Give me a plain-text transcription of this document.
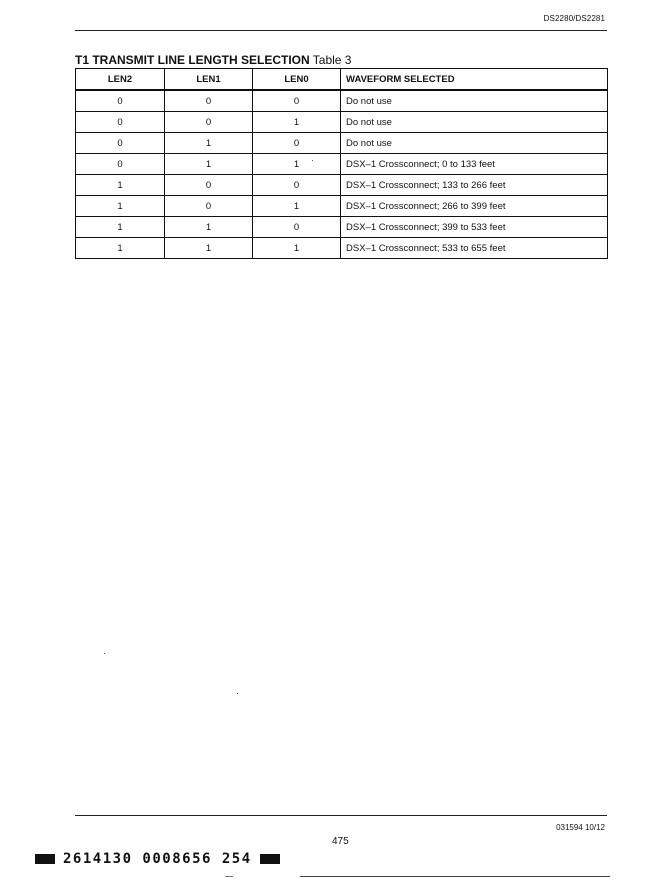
DS2280/DS2281
T1 TRANSMIT LINE LENGTH SELECTION Table 3
LEN2	LEN1	LEN0	WAVEFORM SELECTED
0	0	0	Do not use
0	0	1	Do not use
0	1	0	Do not use
0	1	1	DSX–1 Crossconnect; 0 to 133 feet
1	0	0	DSX–1 Crossconnect; 133 to 266 feet
1	0	1	DSX–1 Crossconnect; 266 to 399 feet
1	1	0	DSX–1 Crossconnect; 399 to 533 feet
1	1	1	DSX–1 Crossconnect; 533 to 655 feet
031594 10/12
475
2614130 0008656 254
